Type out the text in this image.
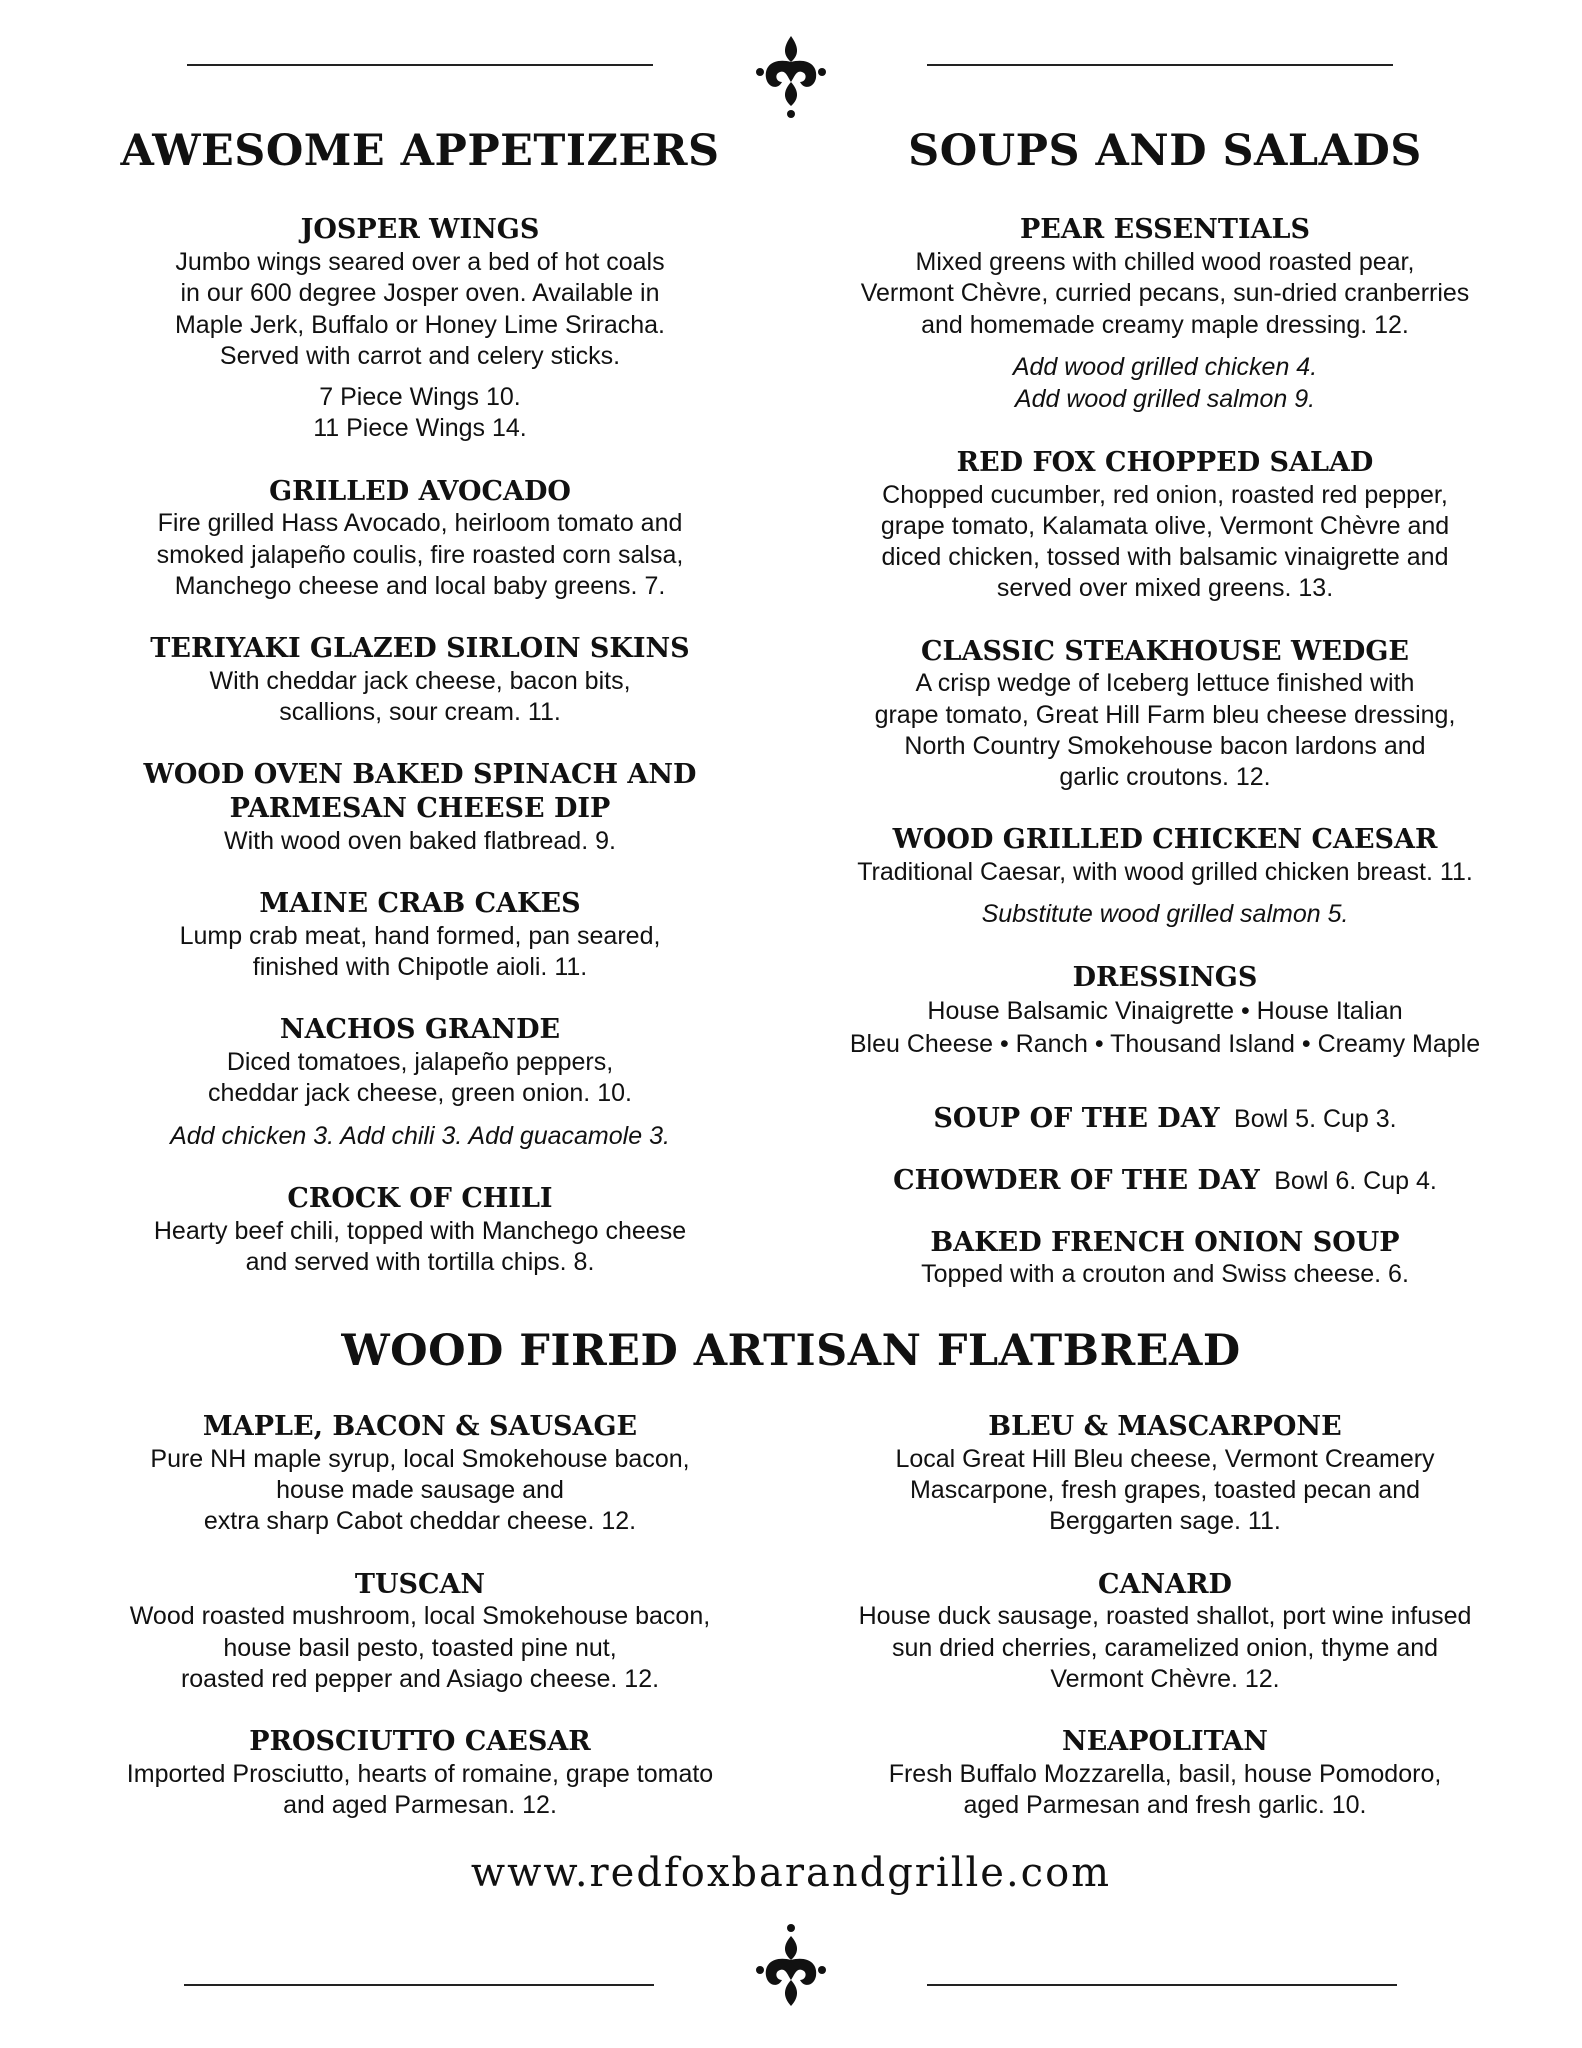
AWESOME APPETIZERS
JOSPER WINGS
Jumbo wings seared over a bed of hot coals
in our 600 degree Josper oven. Available in
Maple Jerk, Buffalo or Honey Lime Sriracha.
Served with carrot and celery sticks.
7 Piece Wings 10.
11 Piece Wings 14.
GRILLED AVOCADO
Fire grilled Hass Avocado, heirloom tomato and
smoked jalapeño coulis, fire roasted corn salsa,
Manchego cheese and local baby greens. 7.
TERIYAKI GLAZED SIRLOIN SKINS
With cheddar jack cheese, bacon bits,
scallions, sour cream. 11.
WOOD OVEN BAKED SPINACH AND
PARMESAN CHEESE DIP
With wood oven baked flatbread. 9.
MAINE CRAB CAKES
Lump crab meat, hand formed, pan seared,
finished with Chipotle aioli. 11.
NACHOS GRANDE
Diced tomatoes, jalapeño peppers,
cheddar jack cheese, green onion. 10.
Add chicken 3. Add chili 3. Add guacamole 3.
CROCK OF CHILI
Hearty beef chili, topped with Manchego cheese
and served with tortilla chips. 8.
SOUPS AND SALADS
PEAR ESSENTIALS
Mixed greens with chilled wood roasted pear,
Vermont Chèvre, curried pecans, sun-dried cranberries
and homemade creamy maple dressing. 12.
Add wood grilled chicken 4.
Add wood grilled salmon 9.
RED FOX CHOPPED SALAD
Chopped cucumber, red onion, roasted red pepper,
grape tomato, Kalamata olive, Vermont Chèvre and
diced chicken, tossed with balsamic vinaigrette and
served over mixed greens. 13.
CLASSIC STEAKHOUSE WEDGE
A crisp wedge of Iceberg lettuce finished with
grape tomato, Great Hill Farm bleu cheese dressing,
North Country Smokehouse bacon lardons and
garlic croutons. 12.
WOOD GRILLED CHICKEN CAESAR
Traditional Caesar, with wood grilled chicken breast. 11.
Substitute wood grilled salmon 5.
DRESSINGS
House Balsamic Vinaigrette • House Italian
Bleu Cheese • Ranch • Thousand Island • Creamy Maple
SOUP OF THE DAY Bowl 5. Cup 3.
CHOWDER OF THE DAY Bowl 6. Cup 4.
BAKED FRENCH ONION SOUP
Topped with a crouton and Swiss cheese. 6.
WOOD FIRED ARTISAN FLATBREAD
MAPLE, BACON & SAUSAGE
Pure NH maple syrup, local Smokehouse bacon,
house made sausage and
extra sharp Cabot cheddar cheese. 12.
TUSCAN
Wood roasted mushroom, local Smokehouse bacon,
house basil pesto, toasted pine nut,
roasted red pepper and Asiago cheese. 12.
PROSCIUTTO CAESAR
Imported Prosciutto, hearts of romaine, grape tomato
and aged Parmesan. 12.
BLEU & MASCARPONE
Local Great Hill Bleu cheese, Vermont Creamery
Mascarpone, fresh grapes, toasted pecan and
Berggarten sage. 11.
CANARD
House duck sausage, roasted shallot, port wine infused
sun dried cherries, caramelized onion, thyme and
Vermont Chèvre. 12.
NEAPOLITAN
Fresh Buffalo Mozzarella, basil, house Pomodoro,
aged Parmesan and fresh garlic. 10.
www.redfoxbarandgrille.com
